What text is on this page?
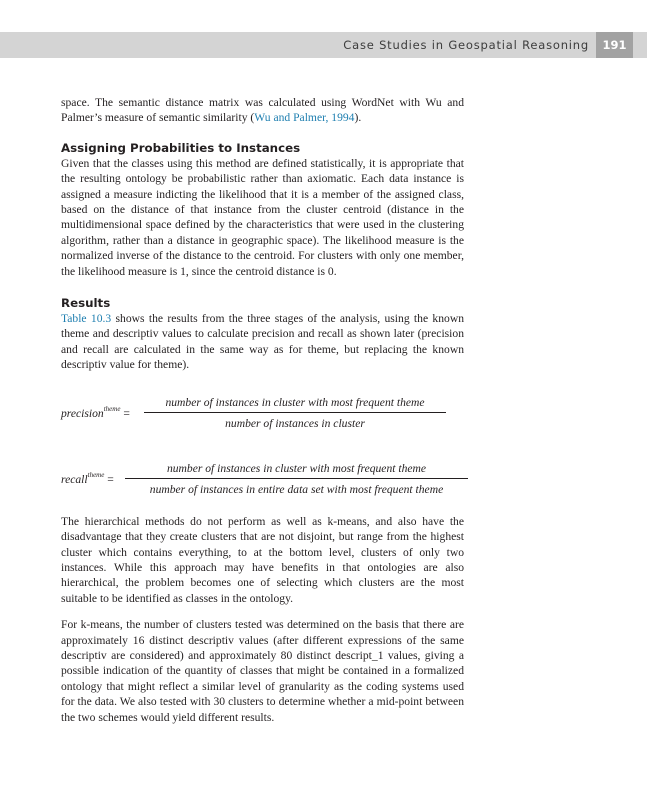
Case Studies in Geospatial Reasoning	191

space. The semantic distance matrix was calculated using WordNet with Wu and Palmer’s measure of semantic similarity (Wu and Palmer, 1994).

Assigning Probabilities to Instances

Given that the classes using this method are defined statistically, it is appropriate that the resulting ontology be probabilistic rather than axiomatic. Each data instance is assigned a measure indicting the likelihood that it is a member of the assigned class, based on the distance of that instance from the cluster centroid (distance in the multidimensional space defined by the characteristics that were used in the clustering algorithm, rather than a distance in geographic space). The likelihood measure is the normalized inverse of the distance to the centroid. For clusters with only one member, the likelihood measure is 1, since the centroid distance is 0.

Results

Table 10.3 shows the results from the three stages of the analysis, using the known theme and descriptiv values to calculate precision and recall as shown later (precision and recall are calculated in the same way as for theme, but replacing the known descriptiv value for theme).

precision$^{theme}$ =
number of instances in cluster with most frequent theme
number of instances in cluster
recall$^{theme}$ =
number of instances in cluster with most frequent theme
number of instances in entire data set with most frequent theme

The hierarchical methods do not perform as well as k-means, and also have the disadvantage that they create clusters that are not disjoint, but range from the highest cluster which contains everything, to at the bottom level, clusters of only two instances. While this approach may have benefits in that ontologies are also hierarchical, the problem becomes one of selecting which clusters are the most suitable to be identified as classes in the ontology.

For k-means, the number of clusters tested was determined on the basis that there are approximately 16 distinct descriptiv values (after different expressions of the same descriptiv are considered) and approximately 80 distinct descript_1 values, giving a possible indication of the quantity of classes that might be contained in a formalized ontology that might reflect a similar level of granularity as the coding systems used for the data. We also tested with 30 clusters to determine whether a mid-point between the two schemes would yield different results.
